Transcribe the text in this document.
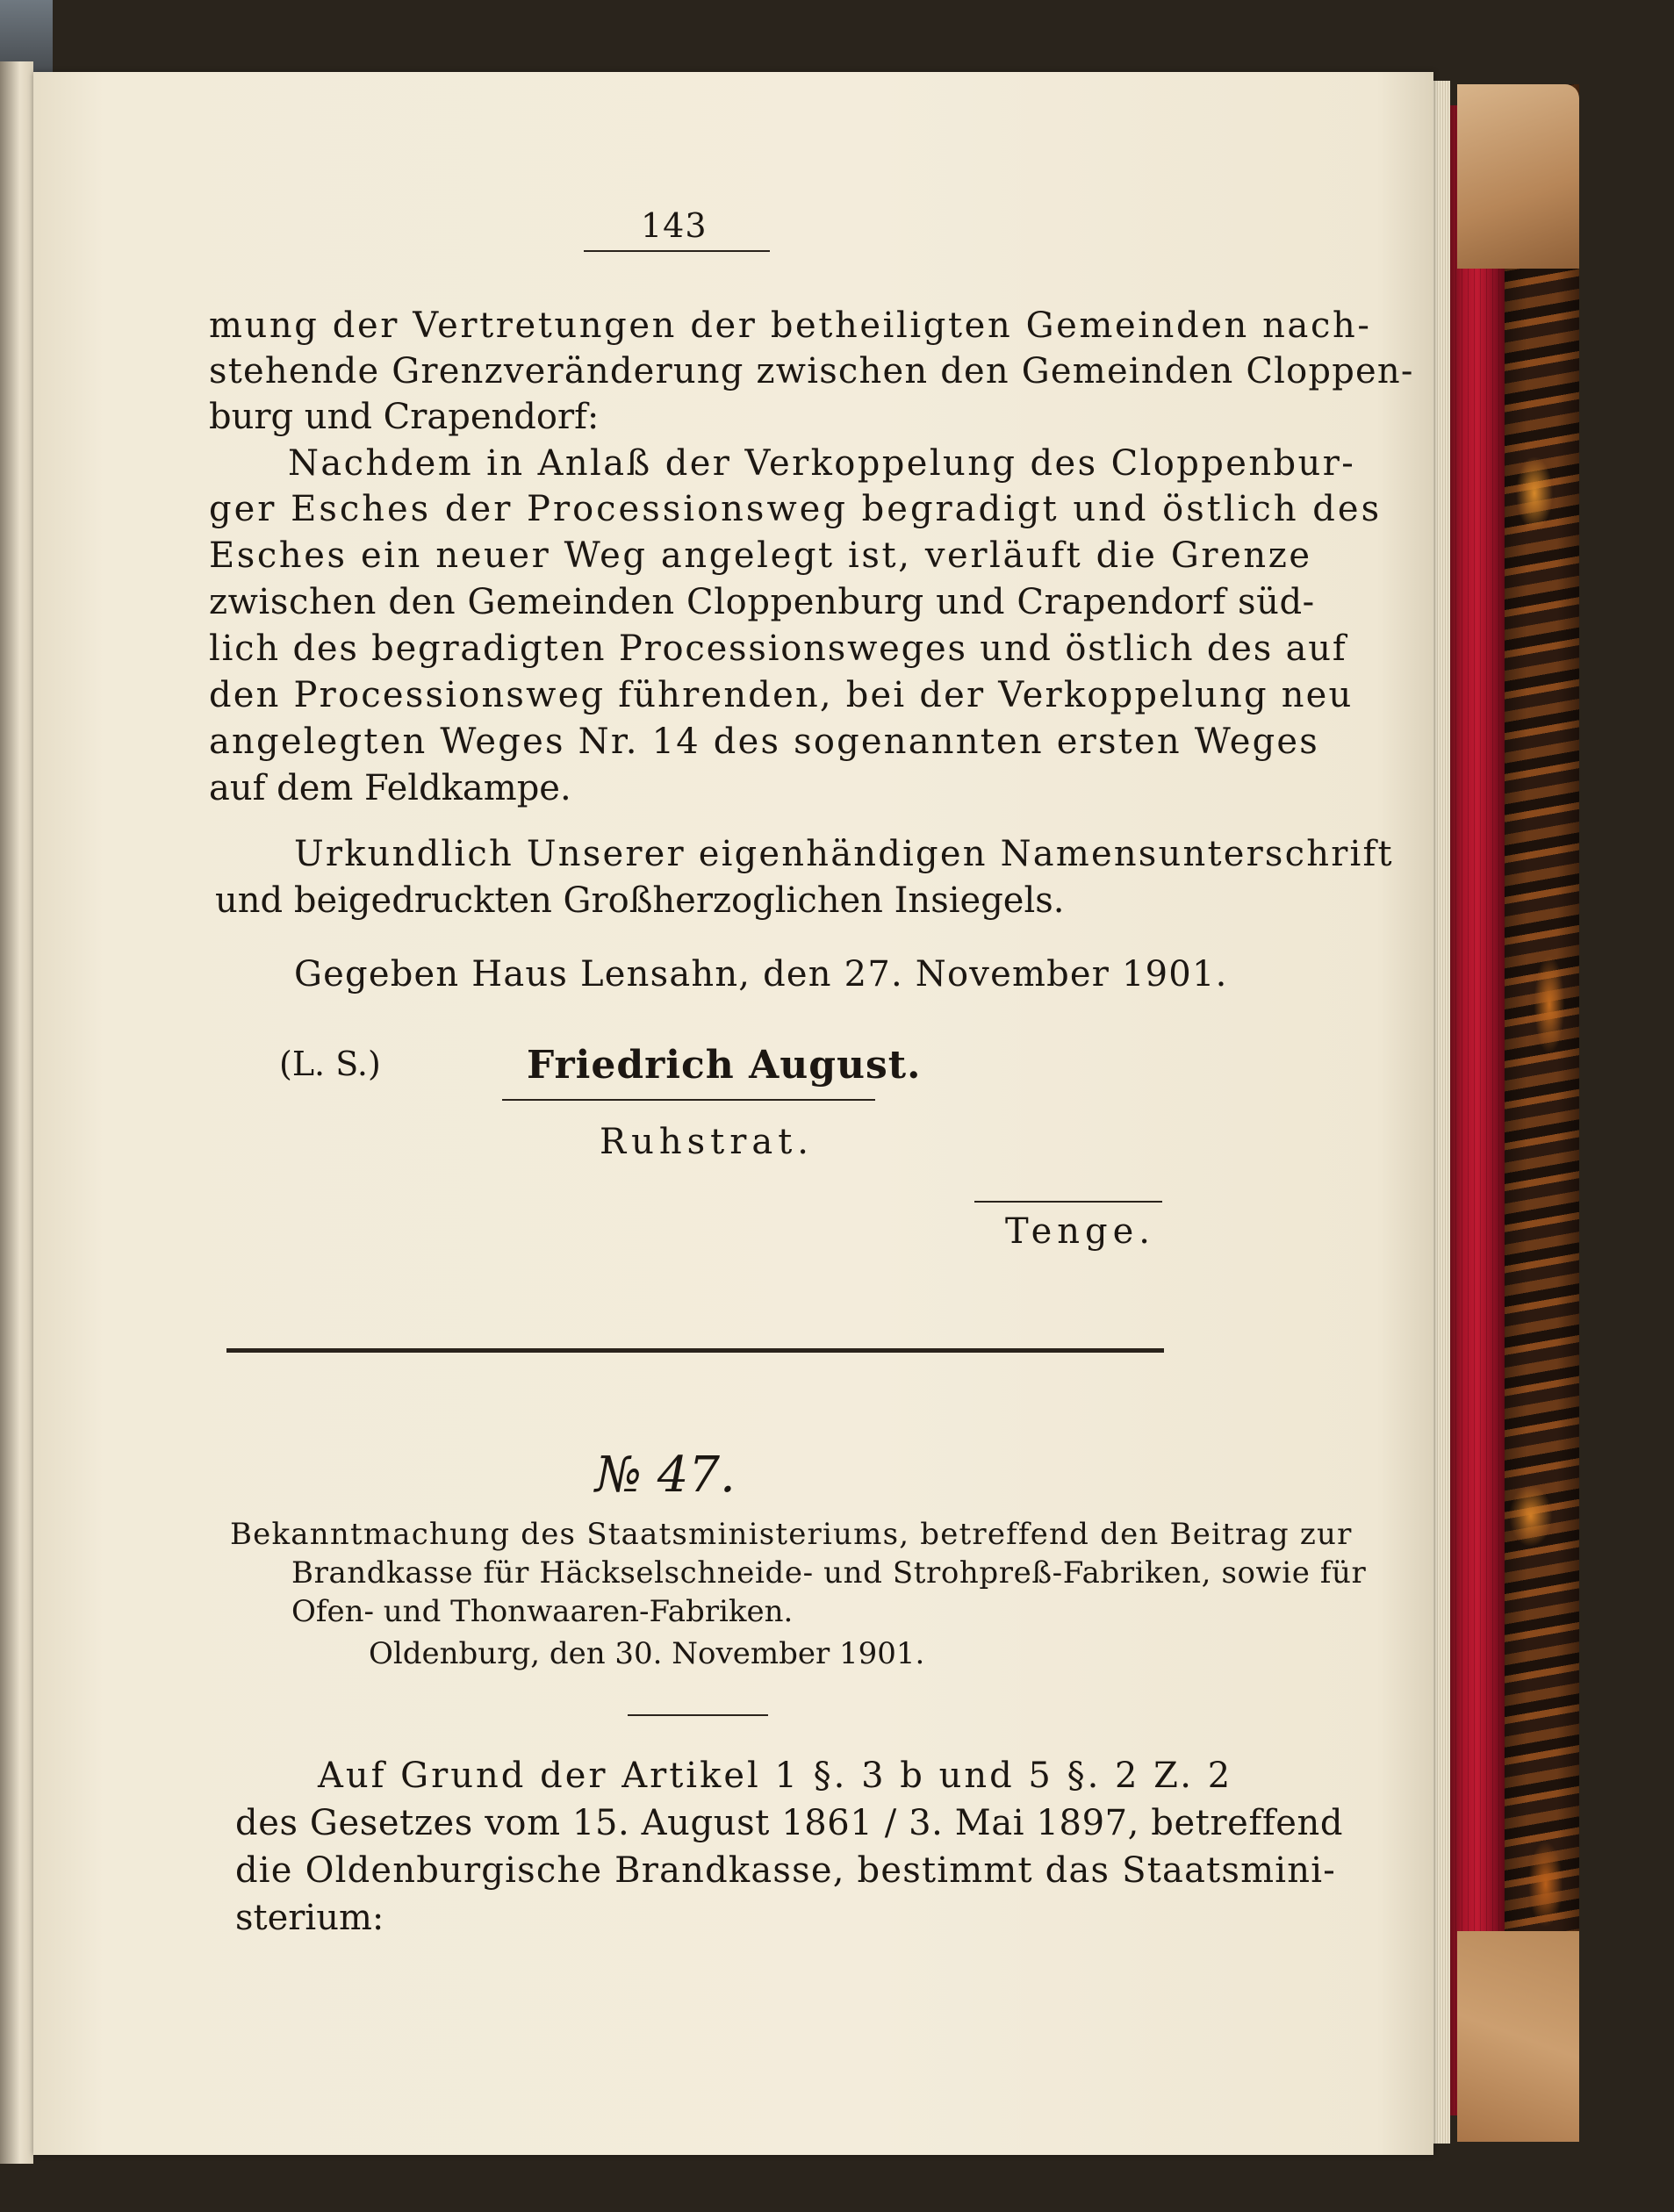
143
mung der Vertretungen der betheiligten Gemeinden nach-
stehende Grenzveränderung zwischen den Gemeinden Cloppen-
burg und Crapendorf:
Nachdem in Anlaß der Verkoppelung des Cloppenbur-
ger Esches der Processionsweg begradigt und östlich des
Esches ein neuer Weg angelegt ist, verläuft die Grenze
zwischen den Gemeinden Cloppenburg und Crapendorf süd-
lich des begradigten Processionsweges und östlich des auf
den Processionsweg führenden, bei der Verkoppelung neu
angelegten Weges Nr. 14 des sogenannten ersten Weges
auf dem Feldkampe.
Urkundlich Unserer eigenhändigen Namensunterschrift
und beigedruckten Großherzoglichen Insiegels.
Gegeben Haus Lensahn, den 27. November 1901.
(L. S.)	Friedrich August.
Ruhstrat.
Tenge.
№ 47.
Bekanntmachung des Staatsministeriums, betreffend den Beitrag zur
Brandkasse für Häckselschneide- und Strohpreß-Fabriken, sowie für
Ofen- und Thonwaaren-Fabriken.
Oldenburg, den 30. November 1901.
Auf Grund der Artikel 1 §. 3 b und 5 §. 2 Z. 2
des Gesetzes vom 15. August 1861 / 3. Mai 1897, betreffend
die Oldenburgische Brandkasse, bestimmt das Staatsmini-
sterium:
